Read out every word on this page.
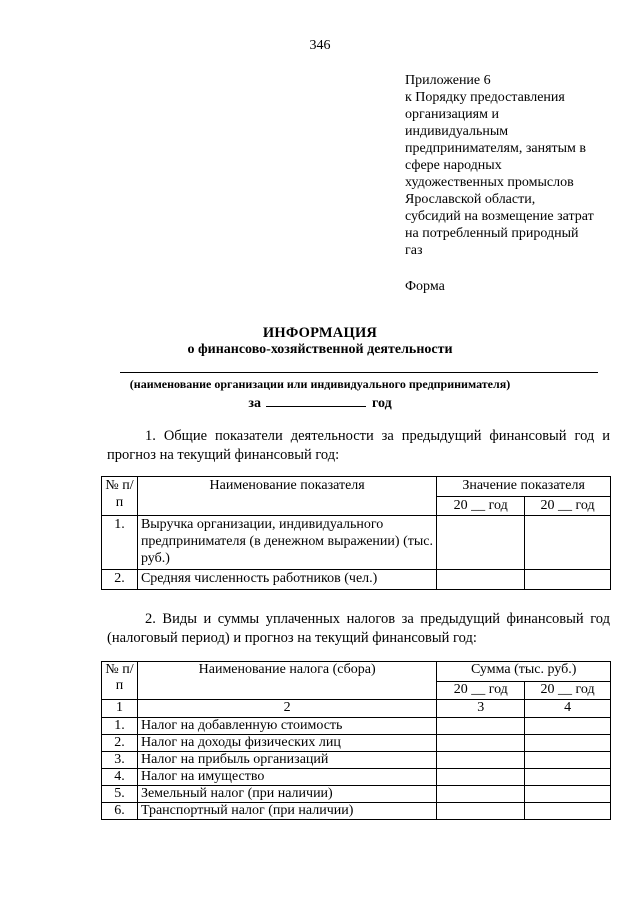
346
Приложение 6
к Порядку предоставления
организациям и
индивидуальным
предпринимателям, занятым в
сфере народных
художественных промыслов
Ярославской области,
субсидий на возмещение затрат
на потребленный природный
газ
Форма
ИНФОРМАЦИЯ
о финансово-хозяйственной деятельности
(наименование организации или индивидуального предпринимателя)
за	год
1. Общие показатели деятельности за предыдущий финансовый год и прогноз на текущий финансовый год:
№ п/п	Наименование показателя	Значение показателя	
		20 __ год	20 __ год
1.	Выручка организации, индивидуального предпринимателя (в денежном выражении) (тыс. руб.)		
2.	Средняя численность работников (чел.)		
2. Виды и суммы уплаченных налогов за предыдущий финансовый год (налоговый период) и прогноз на текущий финансовый год:
№ п/п	Наименование налога (сбора)	Сумма (тыс. руб.)	
		20 __ год	20 __ год
1	2	3	4
1.	Налог на добавленную стоимость		
2.	Налог на доходы физических лиц		
3.	Налог на прибыль организаций		
4.	Налог на имущество		
5.	Земельный налог (при наличии)		
6.	Транспортный налог (при наличии)		
